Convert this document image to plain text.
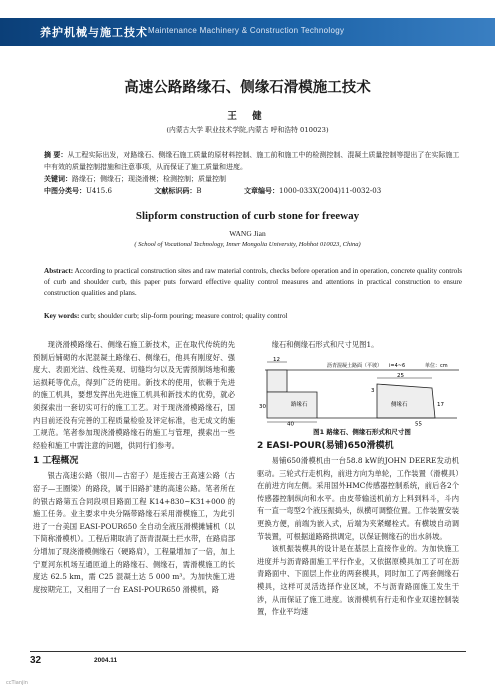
养护机械与施工技术 Maintenance Machinery & Construction Technology
高速公路路缘石、侧缘石滑模施工技术
王 健
(内蒙古大学 职业技术学院,内蒙古 呼和浩特 010023)
摘 要：从工程实际出发，对路缘石、侧缘石施工质量的原材料控制、施工前和施工中的检测控制、混凝土质量控制等提出了在实际施工中有效的质量控制措施和注意事项，从而保证了施工质量和进度。
关键词：路缘石；侧缘石；现浇滑模；检测控制；质量控制
中图分类号：U415.6	文献标识码：B	文章编号：1000-033X(2004)11-0032-03
Slipform construction of curb stone for freeway
WANG Jian
( School of Vocational Technology, Inner Mongolia University, Hohhot 010023, China)
Abstract: According to practical construction sites and raw material controls, checks before operation and in operation, concrete quality controls of curb and shoulder curb, this paper puts forward effective quality control measures and attentions in practical construction to ensure construction qualities and plans.
Key words: curb; shoulder curb; slip-form pouring; measure control; quality control

现浇滑模路缘石、侧缘石施工新技术，正在取代传统的先预制后铺砌的水泥混凝土路缘石、侧缘石，他具有刚度好、强度大、表面光洁、线性美观、切缝均匀以及无需预制场地和搬运损耗等优点，得到广泛的使用。新技术的使用，依赖于先进的施工机具，要想发挥出先进施工机具和新技术的优势，就必须探索出一套切实可行的施工工艺。对于现浇滑模路缘石，国内目前还没有完善的工程质量检验及评定标准，也无成文的施工规范。笔者参加现浇滑模路缘石的施工与管理，摸索出一些经验和施工中需注意的问题，供同行们参考。

1 工程概况

银古高速公路（银川—古窑子）是连接古王高速公路（古窑子—王圈梁）的路段，属于旧路扩建的高速公路。笔者所在的银古路第五合同段项目路面工程 K14+830~K31+000 的施工任务。业主要求中央分隔带路缘石采用滑模施工，为此引进了一台美国 EASI-POUR650 全自动全液压滑模摊铺机（以下简称滑模机）。工程后期取消了沥青混凝土拦水带，在路肩部分增加了现浇滑模侧缘石（硬路肩），工程量增加了一倍，加上宁夏河东机场互通匝道上的路缘石、侧缘石，需滑模施工的长度达 62.5 km，需 C25 混凝土达 5 000 m³。为加快施工进度按期完工，又租用了一台 EASI-POUR650 滑模机，路

缘石和侧缘石形式和尺寸见图1。

12
25
40	55
30	17
3
沥青混凝土路面（平坡） i=4~6	单位：cm
路缘石	侧缘石
图1 路缘石、侧缘石形式和尺寸图

2 EASI-POUR(易铺)650滑模机

易铺650滑模机由一台58.8 kW的JOHN DEERE发动机驱动。三轮式行走机构，前进方向为单轮，工作装置（滑模具）在前进方向左侧。采用国外HMC传感器控制系统，前后各2个传感器控制纵向和水平。由皮带输送机前方上料到料斗，斗内有一直一弯型2个液压振捣头，纵横可调整位置。工作装置安装更换方便，前端为嵌入式，后端为夹紧螺栓式。有横坡自动调节装置，可根据道路路拱调定，以保证侧缘石的出水斜坡。

该机振装模具的设计是在基层上直接作业的。为加快施工进度并与沥青路面施工平行作业，又依据原模具加工了可在沥青路面中、下面层上作业的两套模具，同时加工了两套侧缘石模具，这样可灵活选择作业区域，不与沥青路面施工发生干涉，从而保证了施工进度。该滑模机有行走和作业双速控制装置，作业平均速

32	2004.11
ccTianjin
